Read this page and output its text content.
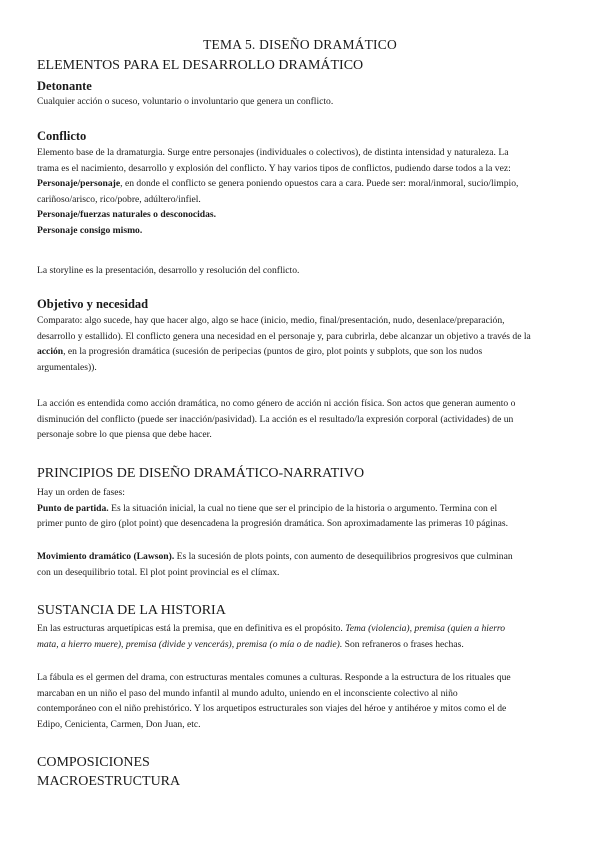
TEMA 5. DISEÑO DRAMÁTICO
ELEMENTOS PARA EL DESARROLLO DRAMÁTICO
Detonante
Cualquier acción o suceso, voluntario o involuntario que genera un conflicto.
Conflicto
Elemento base de la dramaturgia. Surge entre personajes (individuales o colectivos), de distinta intensidad y naturaleza. La
trama es el nacimiento, desarrollo y explosión del conflicto. Y hay varios tipos de conflictos, pudiendo darse todos a la vez:
Personaje/personaje, en donde el conflicto se genera poniendo opuestos cara a cara. Puede ser: moral/inmoral, sucio/limpio,
cariñoso/arisco, rico/pobre, adúltero/infiel.
Personaje/fuerzas naturales o desconocidas.
Personaje consigo mismo.
La storyline es la presentación, desarrollo y resolución del conflicto.
Objetivo y necesidad
Comparato: algo sucede, hay que hacer algo, algo se hace (inicio, medio, final/presentación, nudo, desenlace/preparación,
desarrollo y estallido). El conflicto genera una necesidad en el personaje y, para cubrirla, debe alcanzar un objetivo a través de la
acción, en la progresión dramática (sucesión de peripecias (puntos de giro, plot points y subplots, que son los nudos
argumentales)).
La acción es entendida como acción dramática, no como género de acción ni acción física. Son actos que generan aumento o
disminución del conflicto (puede ser inacción/pasividad). La acción es el resultado/la expresión corporal (actividades) de un
personaje sobre lo que piensa que debe hacer.
PRINCIPIOS DE DISEÑO DRAMÁTICO-NARRATIVO
Hay un orden de fases:
Punto de partida. Es la situación inicial, la cual no tiene que ser el principio de la historia o argumento. Termina con el
primer punto de giro (plot point) que desencadena la progresión dramática. Son aproximadamente las primeras 10 páginas.
Movimiento dramático (Lawson). Es la sucesión de plots points, con aumento de desequilibrios progresivos que culminan
con un desequilibrio total. El plot point provincial es el clímax.
SUSTANCIA DE LA HISTORIA
En las estructuras arquetípicas está la premisa, que en definitiva es el propósito. Tema (violencia), premisa (quien a hierro
mata, a hierro muere), premisa (divide y vencerás), premisa (o mía o de nadie). Son refraneros o frases hechas.
La fábula es el germen del drama, con estructuras mentales comunes a culturas. Responde a la estructura de los rituales que
marcaban en un niño el paso del mundo infantil al mundo adulto, uniendo en el inconsciente colectivo al niño
contemporáneo con el niño prehistórico. Y los arquetipos estructurales son viajes del héroe y antihéroe y mitos como el de
Edipo, Cenicienta, Carmen, Don Juan, etc.
COMPOSICIONES
MACROESTRUCTURA
